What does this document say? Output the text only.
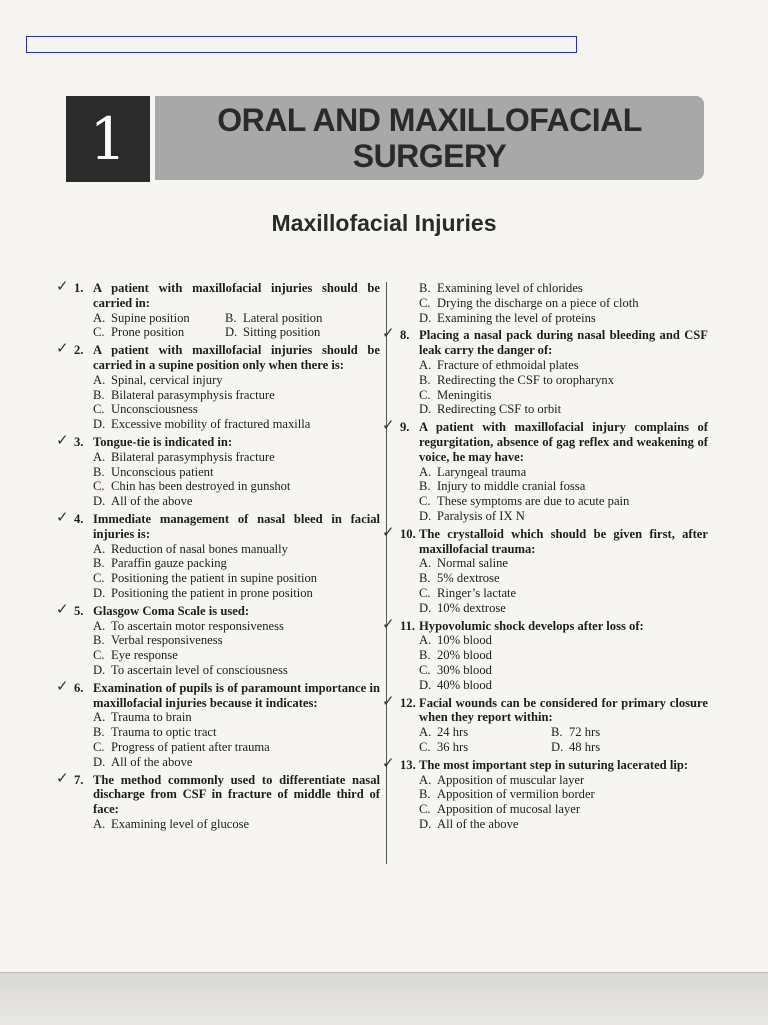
1	ORAL AND MAXILLOFACIAL
SURGERY
Maxillofacial Injuries
✓ 1. A patient with maxillofacial injuries should be carried in:
A. Supine position	B. Lateral position
C. Prone position	D. Sitting position
✓ 2. A patient with maxillofacial injuries should be carried in a supine position only when there is:
A. Spinal, cervical injury
B. Bilateral parasymphysis fracture
C. Unconsciousness
D. Excessive mobility of fractured maxilla
✓ 3. Tongue-tie is indicated in:
A. Bilateral parasymphysis fracture
B. Unconscious patient
C. Chin has been destroyed in gunshot
D. All of the above
✓ 4. Immediate management of nasal bleed in facial injuries is:
A. Reduction of nasal bones manually
B. Paraffin gauze packing
C. Positioning the patient in supine position
D. Positioning the patient in prone position
✓ 5. Glasgow Coma Scale is used:
A. To ascertain motor responsiveness
B. Verbal responsiveness
C. Eye response
D. To ascertain level of consciousness
✓ 6. Examination of pupils is of paramount importance in maxillofacial injuries because it indicates:
A. Trauma to brain
B. Trauma to optic tract
C. Progress of patient after trauma
D. All of the above
✓ 7. The method commonly used to differentiate nasal discharge from CSF in fracture of middle third of face:
A. Examining level of glucose
B. Examining level of chlorides
C. Drying the discharge on a piece of cloth
D. Examining the level of proteins
✓ 8. Placing a nasal pack during nasal bleeding and CSF leak carry the danger of:
A. Fracture of ethmoidal plates
B. Redirecting the CSF to oropharynx
C. Meningitis
D. Redirecting CSF to orbit
✓ 9. A patient with maxillofacial injury complains of regurgitation, absence of gag reflex and weakening of voice, he may have:
A. Laryngeal trauma
B. Injury to middle cranial fossa
C. These symptoms are due to acute pain
D. Paralysis of IX N
✓ 10. The crystalloid which should be given first, after maxillofacial trauma:
A. Normal saline
B. 5% dextrose
C. Ringer’s lactate
D. 10% dextrose
✓ 11. Hypovolumic shock develops after loss of:
A. 10% blood
B. 20% blood
C. 30% blood
D. 40% blood
✓ 12. Facial wounds can be considered for primary closure when they report within:
A. 24 hrs	B. 72 hrs
C. 36 hrs	D. 48 hrs
✓ 13. The most important step in suturing lacerated lip:
A. Apposition of muscular layer
B. Apposition of vermilion border
C. Apposition of mucosal layer
D. All of the above
